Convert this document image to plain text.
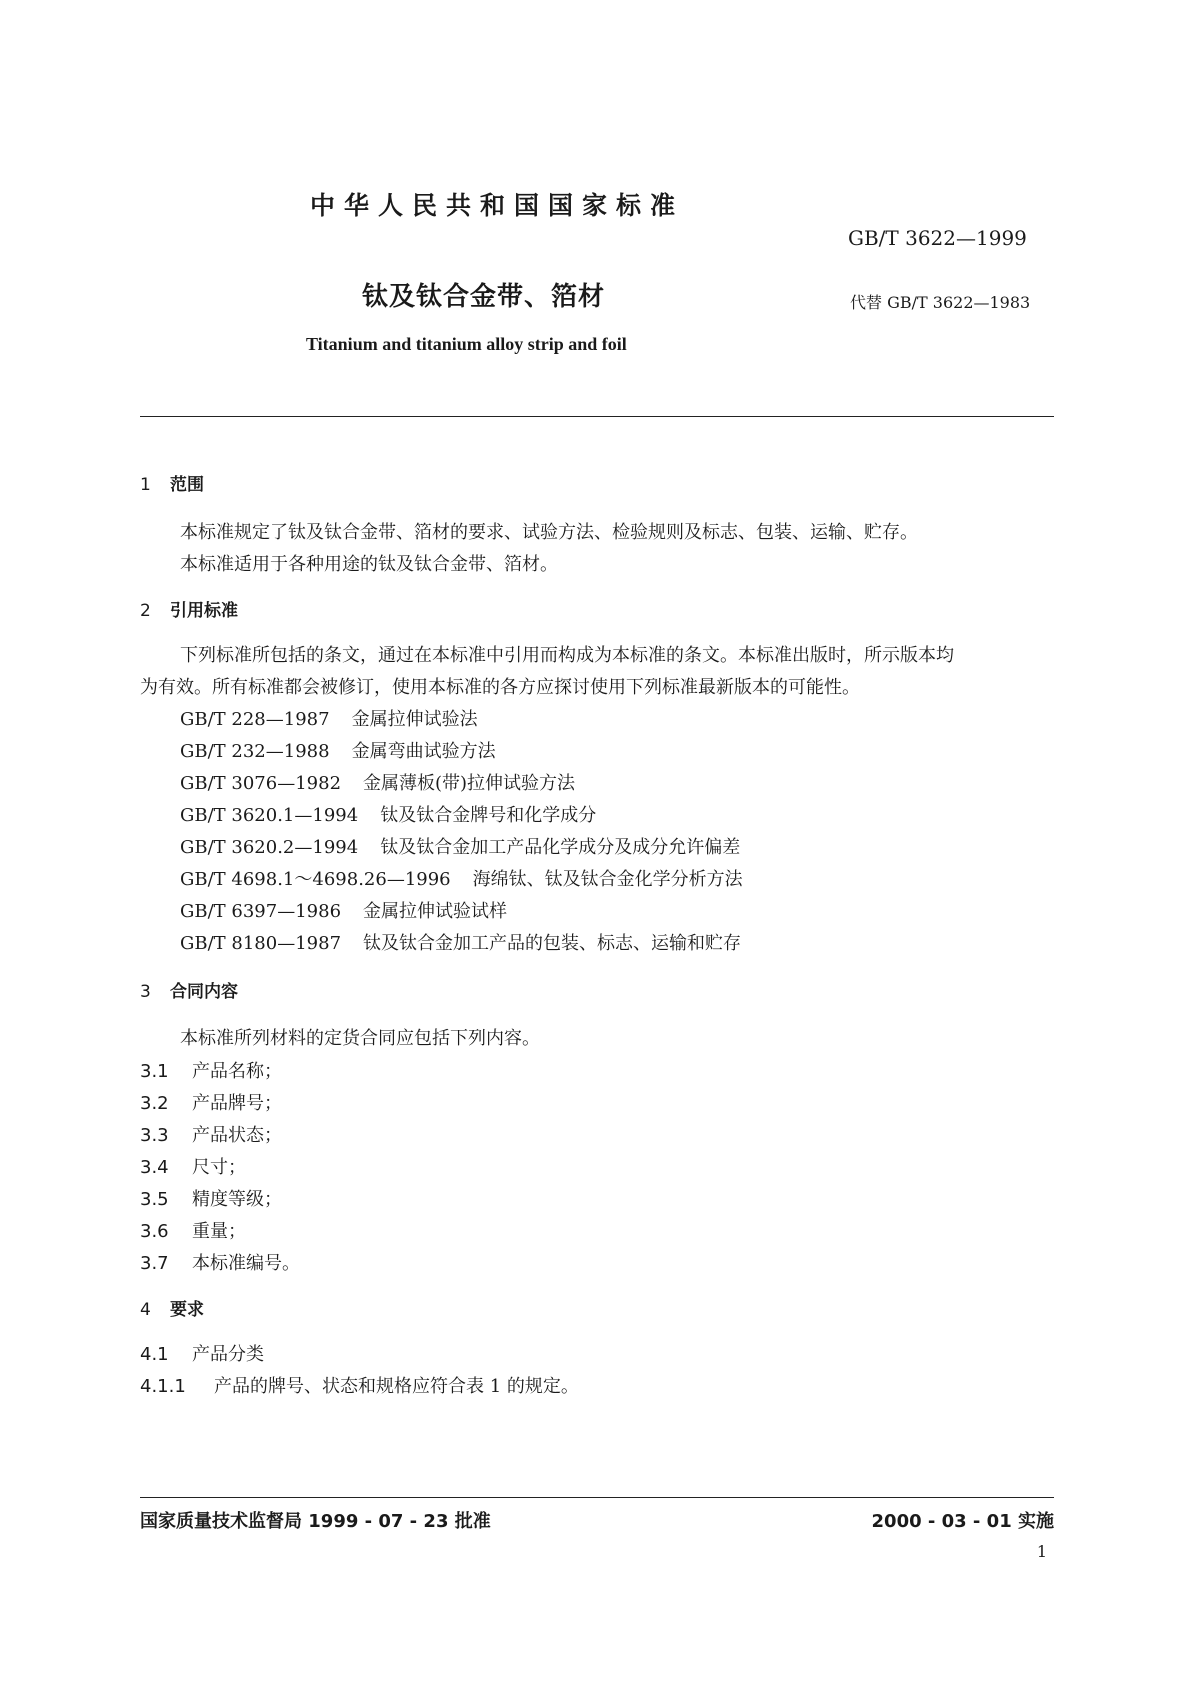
中华人民共和国国家标准
GB/T 3622—1999
钛及钛合金带、箔材	代替 GB/T 3622—1983
Titanium and titanium alloy strip and foil
1 范围
本标准规定了钛及钛合金带、箔材的要求、试验方法、检验规则及标志、包装、运输、贮存。
本标准适用于各种用途的钛及钛合金带、箔材。
2 引用标准
下列标准所包括的条文，通过在本标准中引用而构成为本标准的条文。本标准出版时，所示版本均
为有效。所有标准都会被修订，使用本标准的各方应探讨使用下列标准最新版本的可能性。
GB/T 228—1987 金属拉伸试验法
GB/T 232—1988 金属弯曲试验方法
GB/T 3076—1982 金属薄板(带)拉伸试验方法
GB/T 3620.1—1994 钛及钛合金牌号和化学成分
GB/T 3620.2—1994 钛及钛合金加工产品化学成分及成分允许偏差
GB/T 4698.1～4698.26—1996 海绵钛、钛及钛合金化学分析方法
GB/T 6397—1986 金属拉伸试验试样
GB/T 8180—1987 钛及钛合金加工产品的包装、标志、运输和贮存
3 合同内容
本标准所列材料的定货合同应包括下列内容。
3.1 产品名称；
3.2 产品牌号；
3.3 产品状态；
3.4 尺寸；
3.5 精度等级；
3.6 重量；
3.7 本标准编号。
4 要求
4.1 产品分类
4.1.1 产品的牌号、状态和规格应符合表 1 的规定。
国家质量技术监督局 1999 - 07 - 23 批准	2000 - 03 - 01 实施
1
